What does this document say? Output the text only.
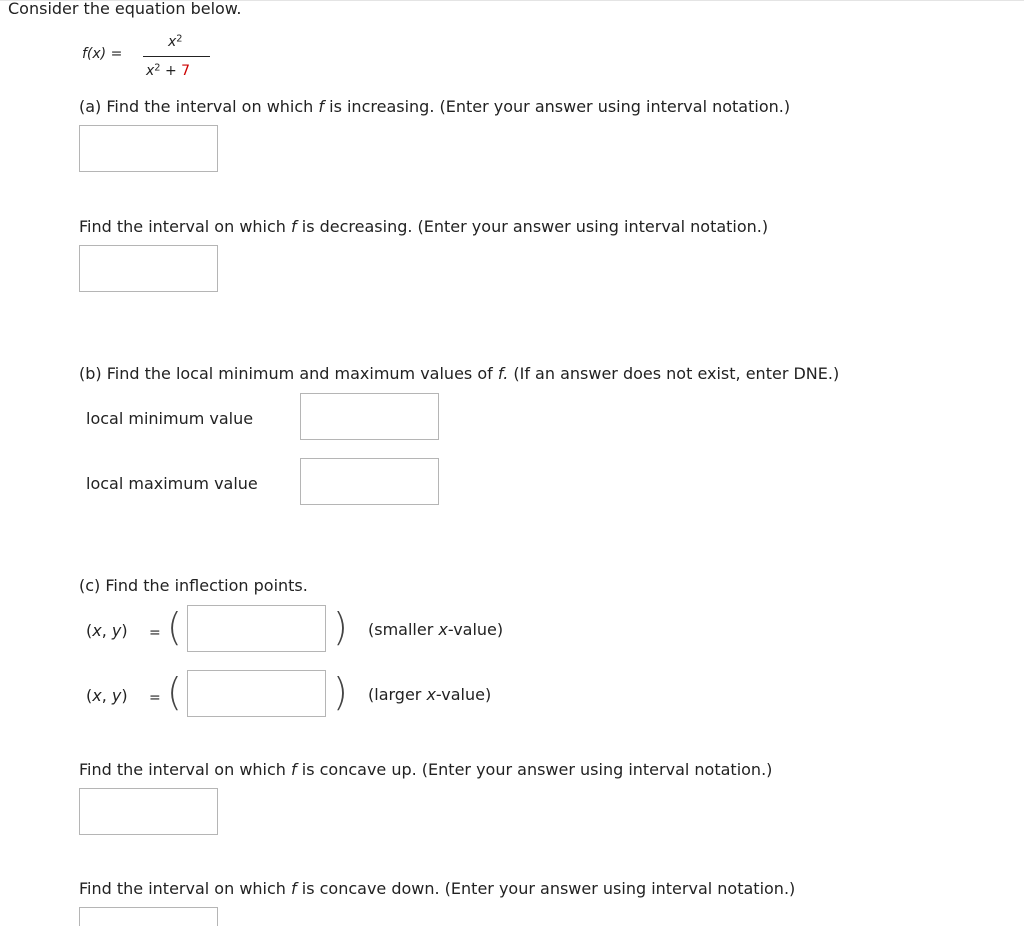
Consider the equation below.
f(x) =
$x^2$
$x^2 + 7$
(a) Find the interval on which f is increasing. (Enter your answer using interval notation.)
Find the interval on which f is decreasing. (Enter your answer using interval notation.)
(b) Find the local minimum and maximum values of f. (If an answer does not exist, enter DNE.)
local minimum value
local maximum value
(c) Find the inflection points.
(x, y) = (	) (smaller x-value)
(x, y) = (	) (larger x-value)
Find the interval on which f is concave up. (Enter your answer using interval notation.)
Find the interval on which f is concave down. (Enter your answer using interval notation.)
